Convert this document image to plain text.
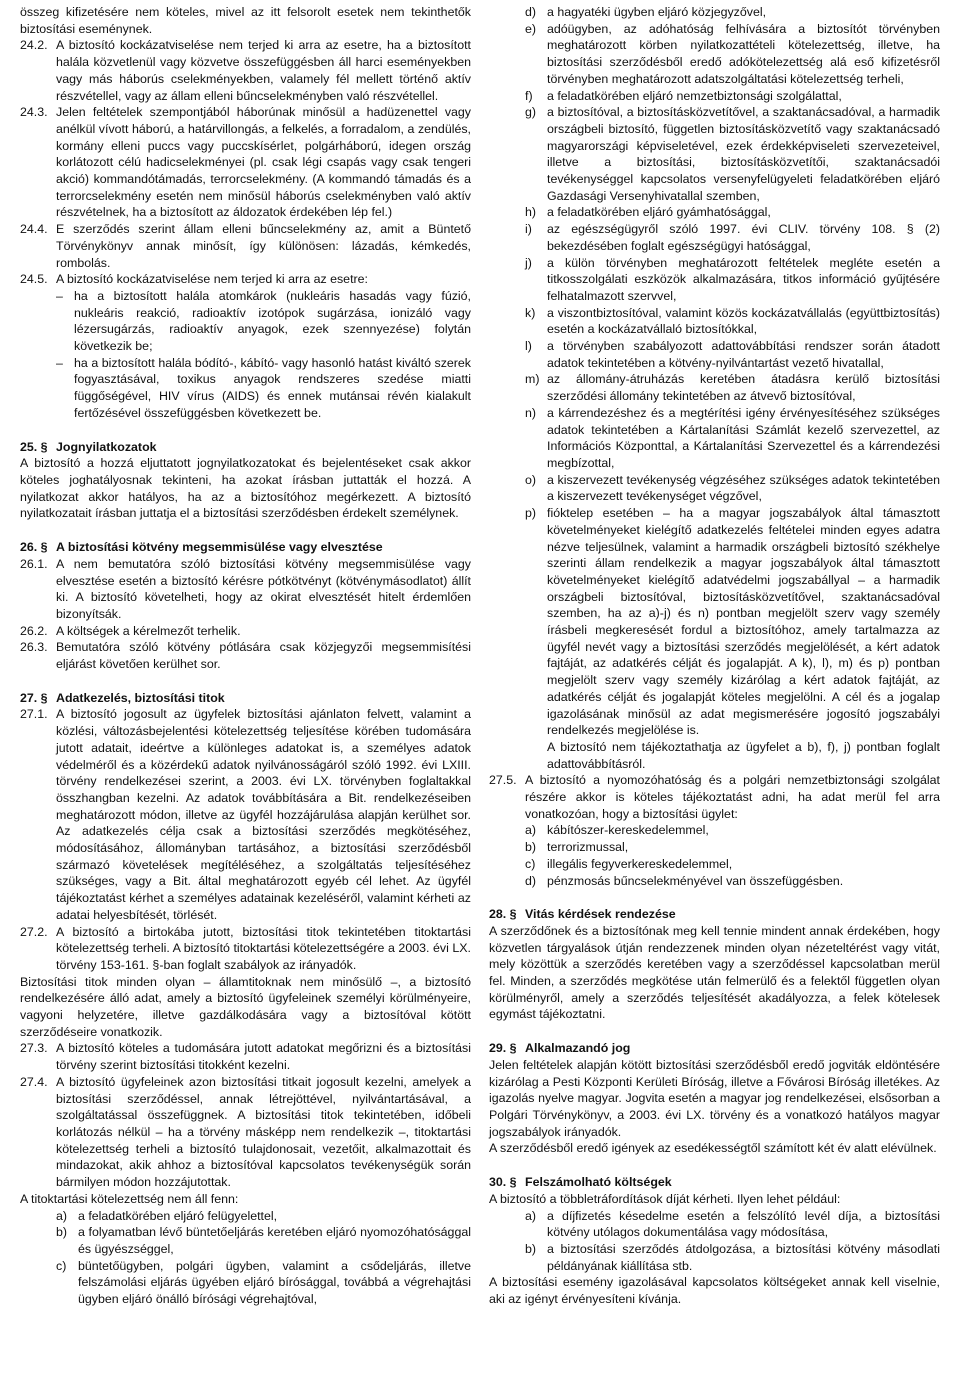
összeg kifizetésére nem köteles, mivel az itt felsorolt esetek nem tekinthetők biztosítási eseménynek.

24.2. A biztosító kockázatviselése nem terjed ki arra az esetre, ha a biztosított halála közvetlenül vagy közvetve összefüggésben áll harci eseményekben vagy más háborús cselekményekben, valamely fél mellett történő aktív részvétellel, vagy az állam elleni bűncselekményben való részvétellel.
24.3. Jelen feltételek szempontjából háborúnak minősül a hadüzenettel vagy anélkül vívott háború, a határvillongás, a felkelés, a forradalom, a zendülés, kormány elleni puccs vagy puccskísérlet, polgárháború, idegen ország korlátozott célú hadicselekményei (pl. csak légi csapás vagy csak tengeri akció) kommandótámadás, terrorcselekmény. (A kommandó támadás és a terrorcselekmény esetén nem minősül háborús cselekményben való aktív részvételnek, ha a biztosított az áldozatok érdekében lép fel.)
24.4. E szerződés szerint állam elleni bűncselekmény az, amit a Büntető Törvénykönyv annak minősít, így különösen: lázadás, kémkedés, rombolás.
24.5. A biztosító kockázatviselése nem terjed ki arra az esetre:
– ha a biztosított halála atomkárok (nukleáris hasadás vagy fúzió, nukleáris reakció, radioaktív izotópok sugárzása, ionizáló vagy lézersugárzás, radioaktív anyagok, ezek szennyezése) folytán következik be;
– ha a biztosított halála bódító-, kábító- vagy hasonló hatást kiváltó szerek fogyasztásával, toxikus anyagok rendszeres szedése miatti függőségével, HIV vírus (AIDS) és ennek mutánsai révén kialakult fertőzésével összefüggésben következett be.
25. § Jognyilatkozatok

A biztosító a hozzá eljuttatott jognyilatkozatokat és bejelentéseket csak akkor köteles joghatályosnak tekinteni, ha azokat írásban juttatták el hozzá. A nyilatkozat akkor hatályos, ha az a biztosítóhoz megérkezett. A biztosító nyilatkozatait írásban juttatja el a biztosítási szerződésben érdekelt személynek.

26. § A biztosítási kötvény megsemmisülése vagy elvesztése
26.1. A nem bemutatóra szóló biztosítási kötvény megsemmisülése vagy elvesztése esetén a biztosító kérésre pótkötvényt (kötvénymásodlatot) állít ki. A biztosító követelheti, hogy az okirat elvesztését hitelt érdemlően bizonyítsák.
26.2. A költségek a kérelmezőt terhelik.
26.3. Bemutatóra szóló kötvény pótlására csak közjegyzői megsemmisítési eljárást követően kerülhet sor.
27. § Adatkezelés, biztosítási titok
27.1. A biztosító jogosult az ügyfelek biztosítási ajánlaton felvett, valamint a közlési, változásbejelentési kötelezettség teljesítése körében tudomására jutott adatait, ideértve a különleges adatokat is, a személyes adatok védelméről és a közérdekű adatok nyilvánosságáról szóló 1992. évi LXIII. törvény rendelkezései szerint, a 2003. évi LX. törvényben foglaltakkal összhangban kezelni. Az adatok továbbítására a Bit. rendelkezéseiben meghatározott módon, illetve az ügyfél hozzájárulása alapján kerülhet sor. Az adatkezelés célja csak a biztosítási szerződés megkötéséhez, módosításához, állományban tartásához, a biztosítási szerződésből származó követelések megítéléséhez, a szolgáltatás teljesítéséhez szükséges, vagy a Bit. által meghatározott egyéb cél lehet. Az ügyfél tájékoztatást kérhet a személyes adatainak kezeléséről, valamint kérheti az adatai helyesbítését, törlését.
27.2. A biztosító a birtokába jutott, biztosítási titok tekintetében titoktartási kötelezettség terheli. A biztosító titoktartási kötelezettségére a 2003. évi LX. törvény 153-161. §-ban foglalt szabályok az irányadók.

Biztosítási titok minden olyan – államtitoknak nem minősülő –, a biztosító rendelkezésére álló adat, amely a biztosító ügyfeleinek személyi körülményeire, vagyoni helyzetére, illetve gazdálkodására vagy a biztosítóval kötött szerződéseire vonatkozik.

27.3. A biztosító köteles a tudomására jutott adatokat megőrizni és a biztosítási törvény szerint biztosítási titokként kezelni.
27.4. A biztosító ügyfeleinek azon biztosítási titkait jogosult kezelni, amelyek a biztosítási szerződéssel, annak létrejöttével, nyilvántartásával, a szolgáltatással összefüggnek. A biztosítási titok tekintetében, időbeli korlátozás nélkül – ha a törvény másképp nem rendelkezik –, titoktartási kötelezettség terheli a biztosító tulajdonosait, vezetőit, alkalmazottait és mindazokat, akik ahhoz a biztosítóval kapcsolatos tevékenységük során bármilyen módon hozzájutottak.

A titoktartási kötelezettség nem áll fenn:

a) a feladatkörében eljáró felügyelettel,
b) a folyamatban lévő büntetőeljárás keretében eljáró nyomozóhatósággal és ügyészséggel,
c) büntetőügyben, polgári ügyben, valamint a csődeljárás, illetve felszámolási eljárás ügyében eljáró bírósággal, továbbá a végrehajtási ügyben eljáró önálló bírósági végrehajtóval,
d) a hagyatéki ügyben eljáró közjegyzővel,
e) adóügyben, az adóhatóság felhívására a biztosítót törvényben meghatározott körben nyilatkozattételi kötelezettség, illetve, ha biztosítási szerződésből eredő adókötelezettség alá eső kifizetésről törvényben meghatározott adatszolgáltatási kötelezettség terheli,
f)	a feladatkörében eljáró nemzetbiztonsági szolgálattal,
g) a biztosítóval, a biztosításközvetítővel, a szaktanácsadóval, a harmadik országbeli biztosító, független biztosításközvetítő vagy szaktanácsadó magyarországi képviseletével, ezek érdekképviseleti szervezeteivel, illetve a biztosítási, biztosításközvetítői, szaktanácsadói tevékenységgel kapcsolatos versenyfelügyeleti feladatkörében eljáró Gazdasági Versenyhivatallal szemben,
h) a feladatkörében eljáró gyámhatósággal,
i)	az egészségügyről szóló 1997. évi CLIV. törvény 108. § (2) bekezdésében foglalt egészségügyi hatósággal,
j)	a külön törvényben meghatározott feltételek megléte esetén a titkosszolgálati eszközök alkalmazására, titkos információ gyűjtésére felhatalmazott szervvel,
k) a viszontbiztosítóval, valamint közös kockázatvállalás (együttbiztosítás) esetén a kockázatvállaló biztosítókkal,
l)	a törvényben szabályozott adattovábbítási rendszer során átadott adatok tekintetében a kötvény-nyilvántartást vezető hivatallal,
m) az állomány-átruházás keretében átadásra kerülő biztosítási szerződési állomány tekintetében az átvevő biztosítóval,
n) a kárrendezéshez és a megtérítési igény érvényesítéséhez szükséges adatok tekintetében a Kártalanítási Számlát kezelő szervezettel, az Információs Központtal, a Kártalanítási Szervezettel és a kárrendezési megbízottal,
o) a kiszervezett tevékenység végzéséhez szükséges adatok tekintetében a kiszervezett tevékenységet végzővel,
p) fióktelep esetében – ha a magyar jogszabályok által támasztott követelményeket kielégítő adatkezelés feltételei minden egyes adatra nézve teljesülnek, valamint a harmadik országbeli biztosító székhelye szerinti állam rendelkezik a magyar jogszabályok által támasztott követelményeket kielégítő adatvédelmi jogszabállyal – a harmadik országbeli biztosítóval, biztosításközvetítővel, szaktanácsadóval szemben, ha az a)-j) és n) pontban megjelölt szerv vagy személy írásbeli megkeresését fordul a biztosítóhoz, amely tartalmazza az ügyfél nevét vagy a biztosítási szerződés megjelölését, a kért adatok fajtáját, az adatkérés célját és jogalapját. A k), l), m) és p) pontban megjelölt szerv vagy személy kizárólag a kért adatok fajtáját, az adatkérés célját és jogalapját köteles megjelölni. A cél és a jogalap igazolásának minősül az adat megismerésére jogosító jogszabályi rendelkezés megjelölése is.

A biztosító nem tájékoztathatja az ügyfelet a b), f), j) pontban foglalt adattovábbításról.

27.5. A biztosító a nyomozóhatóság és a polgári nemzetbiztonsági szolgálat részére akkor is köteles tájékoztatást adni, ha adat merül fel arra vonatkozóan, hogy a biztosítási ügylet:
a) kábítószer-kereskedelemmel,
b) terrorizmussal,
c) illegális fegyverkereskedelemmel,
d) pénzmosás bűncselekményével van összefüggésben.
28. § Vitás kérdések rendezése

A szerződőnek és a biztosítónak meg kell tennie mindent annak érdekében, hogy közvetlen tárgyalások útján rendezzenek minden olyan nézeteltérést vagy vitát, mely közöttük a szerződés keretében vagy a szerződéssel kapcsolatban merül fel. Minden, a szerződés megkötése után felmerülő és a felektől független olyan körülményről, amely a szerződés teljesítését akadályozza, a felek kötelesek egymást tájékoztatni.

29. § Alkalmazandó jog

Jelen feltételek alapján kötött biztosítási szerződésből eredő jogviták eldöntésére kizárólag a Pesti Központi Kerületi Bíróság, illetve a Fővárosi Bíróság illetékes. Az igazolás nyelve magyar. Jogvita esetén a magyar jog rendelkezései, elsősorban a Polgári Törvénykönyv, a 2003. évi LX. törvény és a vonatkozó hatályos magyar jogszabályok irányadók.

A szerződésből eredő igények az esedékességtől számított két év alatt elévülnek.

30. § Felszámolható költségek

A biztosító a többletráfordítások díját kérheti. Ilyen lehet például:

a) a díjfizetés késedelme esetén a felszólító levél díja, a biztosítási kötvény utólagos dokumentálása vagy módosítása,
b) a biztosítási szerződés átdolgozása, a biztosítási kötvény másodlati példányának kiállítása stb.

A biztosítási esemény igazolásával kapcsolatos költségeket annak kell viselnie, aki az igényt érvényesíteni kívánja.
